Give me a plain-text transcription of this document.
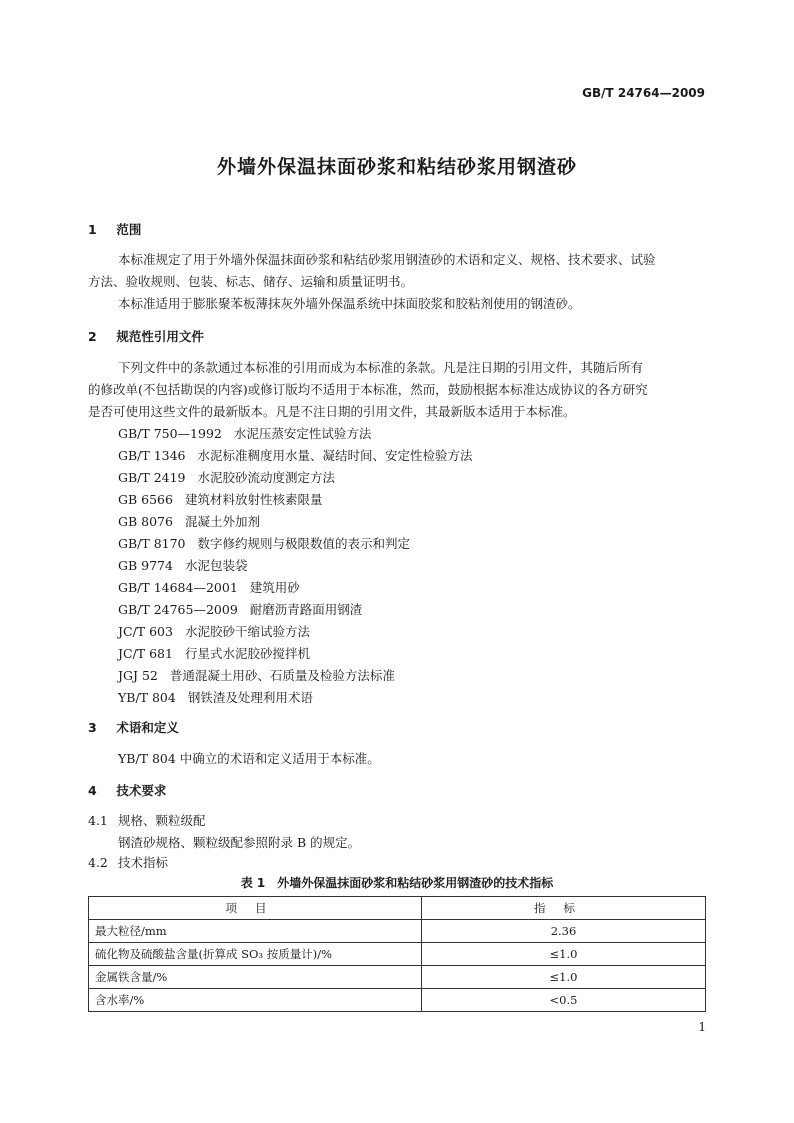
GB/T 24764—2009
外墙外保温抹面砂浆和粘结砂浆用钢渣砂
1 范围
本标准规定了用于外墙外保温抹面砂浆和粘结砂浆用钢渣砂的术语和定义、规格、技术要求、试验
方法、验收规则、包装、标志、储存、运输和质量证明书。
本标准适用于膨胀聚苯板薄抹灰外墙外保温系统中抹面胶浆和胶粘剂使用的钢渣砂。
2 规范性引用文件
下列文件中的条款通过本标准的引用而成为本标准的条款。凡是注日期的引用文件，其随后所有
的修改单(不包括勘误的内容)或修订版均不适用于本标准，然而，鼓励根据本标准达成协议的各方研究
是否可使用这些文件的最新版本。凡是不注日期的引用文件，其最新版本适用于本标准。
GB/T 750—1992 水泥压蒸安定性试验方法
GB/T 1346 水泥标准稠度用水量、凝结时间、安定性检验方法
GB/T 2419 水泥胶砂流动度测定方法
GB 6566 建筑材料放射性核素限量
GB 8076 混凝土外加剂
GB/T 8170 数字修约规则与极限数值的表示和判定
GB 9774 水泥包装袋
GB/T 14684—2001 建筑用砂
GB/T 24765—2009 耐磨沥青路面用钢渣
JC/T 603 水泥胶砂干缩试验方法
JC/T 681 行星式水泥胶砂搅拌机
JGJ 52 普通混凝土用砂、石质量及检验方法标准
YB/T 804 钢铁渣及处理利用术语
3 术语和定义
YB/T 804 中确立的术语和定义适用于本标准。
4 技术要求
4.1 规格、颗粒级配
钢渣砂规格、颗粒级配参照附录 B 的规定。
4.2 技术指标
表 1　外墙外保温抹面砂浆和粘结砂浆用钢渣砂的技术指标
项目	指标
最大粒径/mm	2.36
硫化物及硫酸盐含量(折算成 SO₃ 按质量计)/%	≤1.0
金属铁含量/%	≤1.0
含水率/%	<0.5
1
